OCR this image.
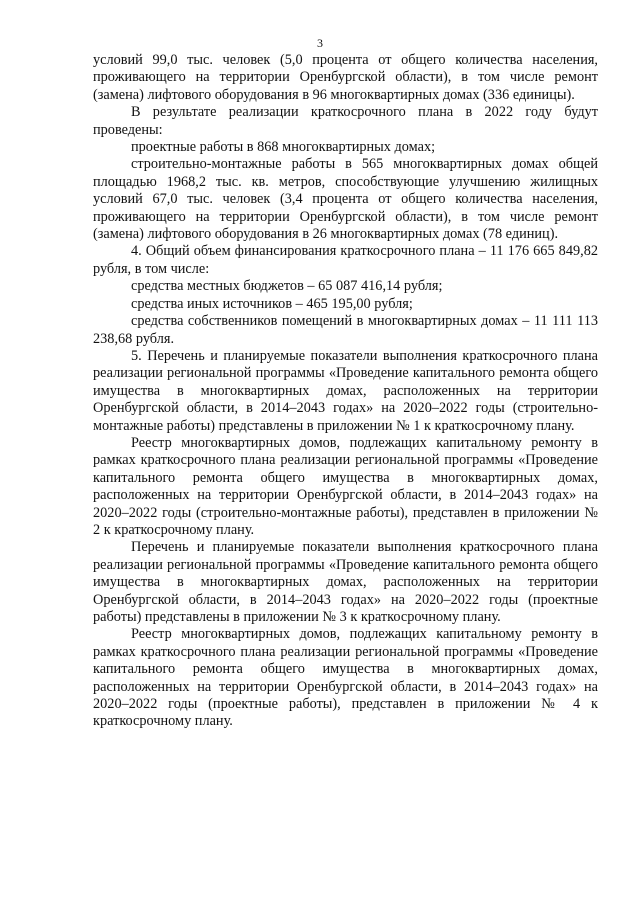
3

условий 99,0 тыс. человек (5,0 процента от общего количества населения, проживающего на территории Оренбургской области), в том числе ремонт (замена) лифтового оборудования в 96 многоквартирных домах (336 единицы).

В результате реализации краткосрочного плана в 2022 году будут проведены:

проектные работы в 868 многоквартирных домах;

строительно-монтажные работы в 565 многоквартирных домах общей площадью 1968,2 тыс. кв. метров, способствующие улучшению жилищных условий 67,0 тыс. человек (3,4 процента от общего количества населения, проживающего на территории Оренбургской области), в том числе ремонт (замена) лифтового оборудования в 26 многоквартирных домах (78 единиц).

4. Общий объем финансирования краткосрочного плана – 11 176 665 849,82 рубля, в том числе:

средства местных бюджетов – 65 087 416,14 рубля;

средства иных источников – 465 195,00 рубля;

средства собственников помещений в многоквартирных домах – 11 111 113 238,68 рубля.

5. Перечень и планируемые показатели выполнения краткосрочного плана реализации региональной программы «Проведение капитального ремонта общего имущества в многоквартирных домах, расположенных на территории Оренбургской области, в 2014–2043 годах» на 2020–2022 годы (строительно-монтажные работы) представлены в приложении № 1 к краткосрочному плану.

Реестр многоквартирных домов, подлежащих капитальному ремонту в рамках краткосрочного плана реализации региональной программы «Проведение капитального ремонта общего имущества в многоквартирных домах, расположенных на территории Оренбургской области, в 2014–2043 годах» на 2020–2022 годы (строительно-монтажные работы), представлен в приложении № 2 к краткосрочному плану.

Перечень и планируемые показатели выполнения краткосрочного плана реализации региональной программы «Проведение капитального ремонта общего имущества в многоквартирных домах, расположенных на территории Оренбургской области, в 2014–2043 годах» на 2020–2022 годы (проектные работы) представлены в приложении № 3 к краткосрочному плану.

Реестр многоквартирных домов, подлежащих капитальному ремонту в рамках краткосрочного плана реализации региональной программы «Проведение капитального ремонта общего имущества в многоквартирных домах, расположенных на территории Оренбургской области, в 2014–2043 годах» на 2020–2022 годы (проектные работы), представлен в приложении № 4 к краткосрочному плану.
